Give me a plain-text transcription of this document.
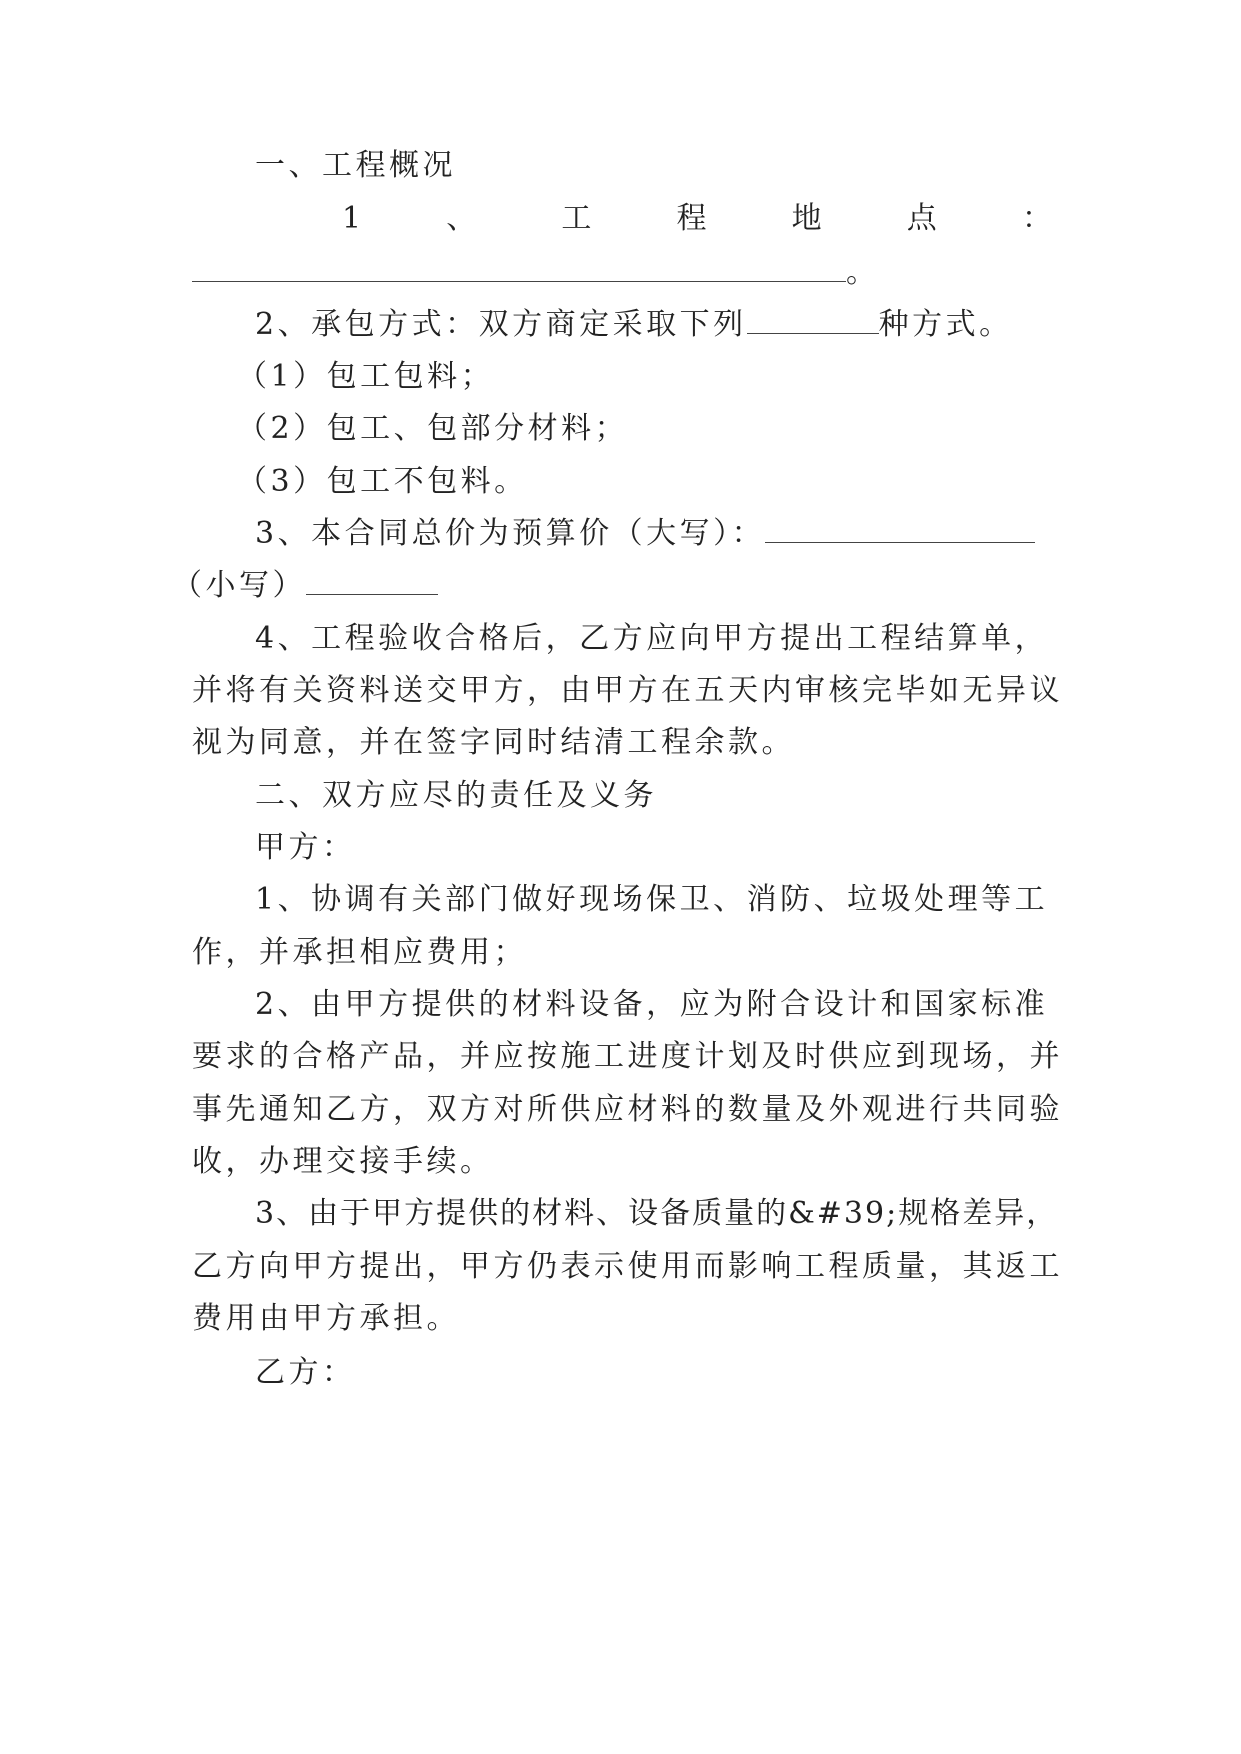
一、工程概况
1	、	工	程	地	点	：
。
2、承包方式：双方商定采取下列	种方式。
（1）包工包料；
（2）包工、包部分材料；
（3）包工不包料。
3、本合同总价为预算价（大写）：
（小写）
4、工程验收合格后，乙方应向甲方提出工程结算单，
并将有关资料送交甲方，由甲方在五天内审核完毕如无异议
视为同意，并在签字同时结清工程余款。
二、双方应尽的责任及义务
甲方：
1、协调有关部门做好现场保卫、消防、垃圾处理等工
作，并承担相应费用；
2、由甲方提供的材料设备，应为附合设计和国家标准
要求的合格产品，并应按施工进度计划及时供应到现场，并
事先通知乙方，双方对所供应材料的数量及外观进行共同验
收，办理交接手续。
3、由于甲方提供的材料、设备质量的&#39;规格差异，
乙方向甲方提出，甲方仍表示使用而影响工程质量，其返工
费用由甲方承担。
乙方：
